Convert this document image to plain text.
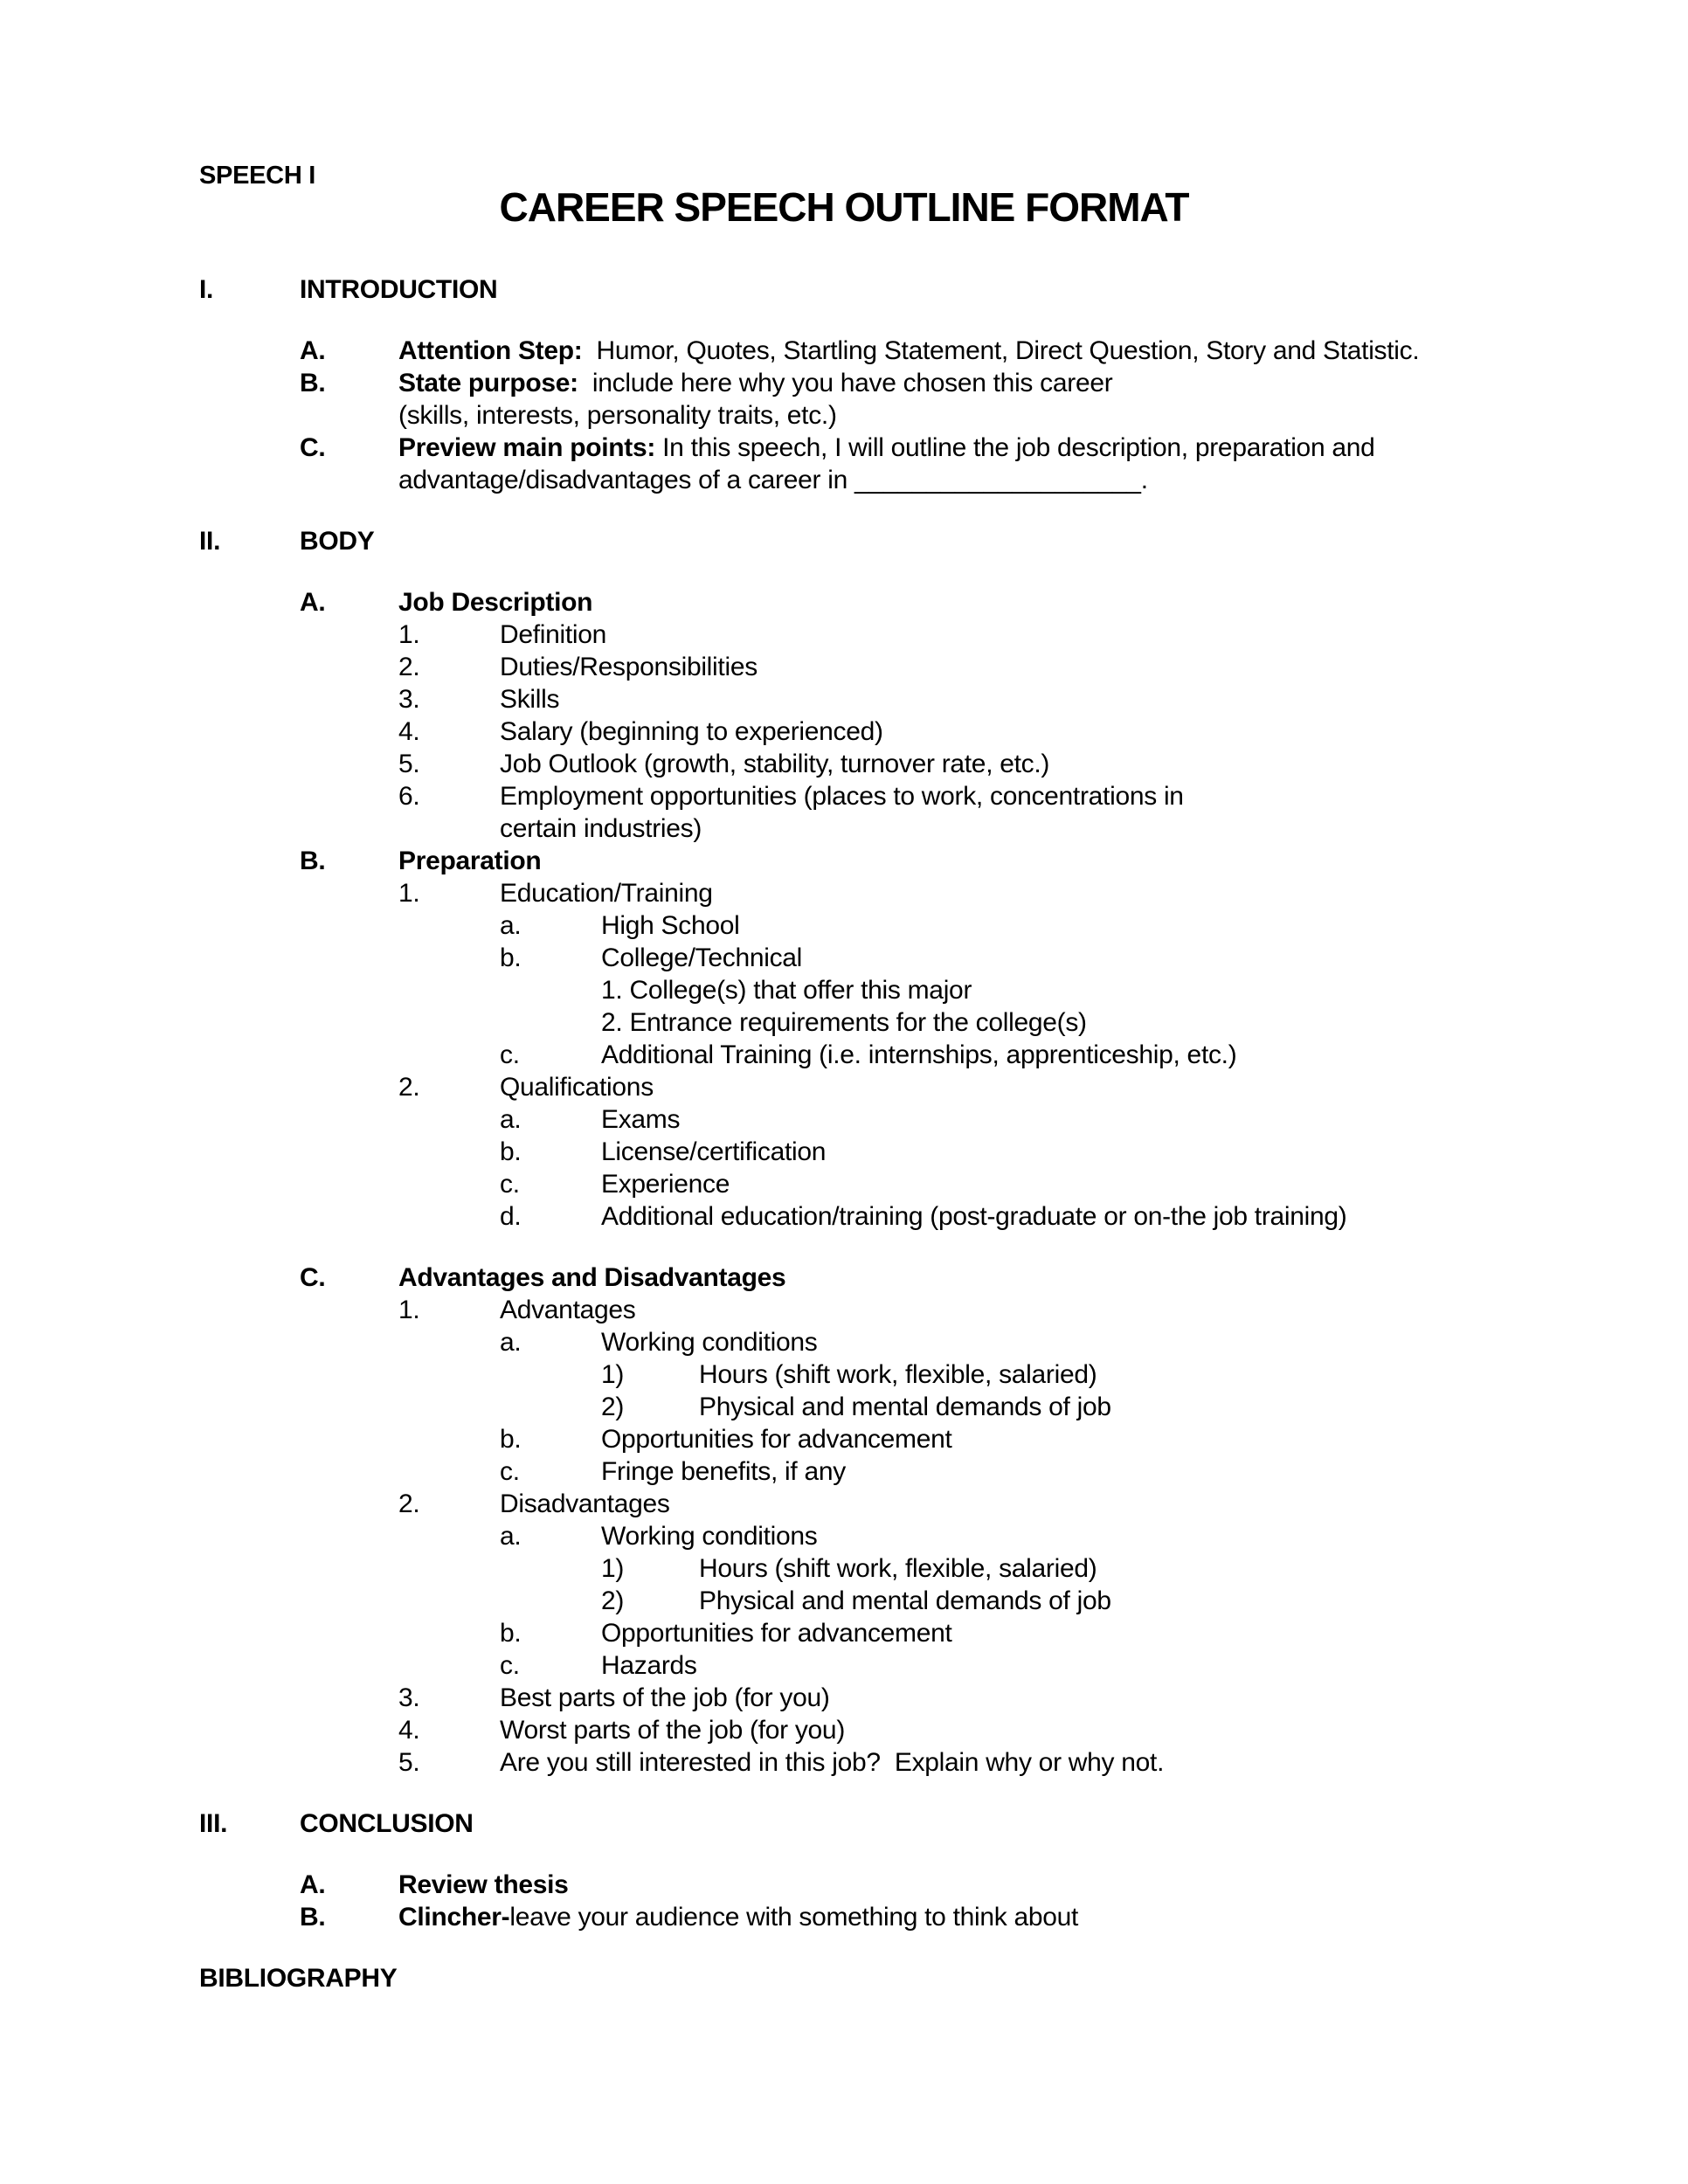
SPEECH I
CAREER SPEECH OUTLINE FORMAT
I.	INTRODUCTION
A.	Attention Step:  Humor, Quotes, Startling Statement, Direct Question, Story and Statistic.
B.	State purpose:  include here why you have chosen this career
(skills, interests, personality traits, etc.)
C.	Preview main points: In this speech, I will outline the job description, preparation and
advantage/disadvantages of a career in ____________________.
II.	BODY
A.	Job Description
1.	Definition
2.	Duties/Responsibilities
3.	Skills
4.	Salary (beginning to experienced)
5.	Job Outlook (growth, stability, turnover rate, etc.)
6.	Employment opportunities (places to work, concentrations in
certain industries)
B.	Preparation
1.	Education/Training
a.	High School
b.	College/Technical
1. College(s) that offer this major
2. Entrance requirements for the college(s)
c.	Additional Training (i.e. internships, apprenticeship, etc.)
2.	Qualifications
a.	Exams
b.	License/certification
c.	Experience
d.	Additional education/training (post-graduate or on-the job training)
C.	Advantages and Disadvantages
1.	Advantages
a.	Working conditions
1)	Hours (shift work, flexible, salaried)
2)	Physical and mental demands of job
b.	Opportunities for advancement
c.	Fringe benefits, if any
2.	Disadvantages
a.	Working conditions
1)	Hours (shift work, flexible, salaried)
2)	Physical and mental demands of job
b.	Opportunities for advancement
c.	Hazards
3.	Best parts of the job (for you)
4.	Worst parts of the job (for you)
5.	Are you still interested in this job?  Explain why or why not.
III.	CONCLUSION
A.	Review thesis
B.	Clincher-leave your audience with something to think about
BIBLIOGRAPHY
